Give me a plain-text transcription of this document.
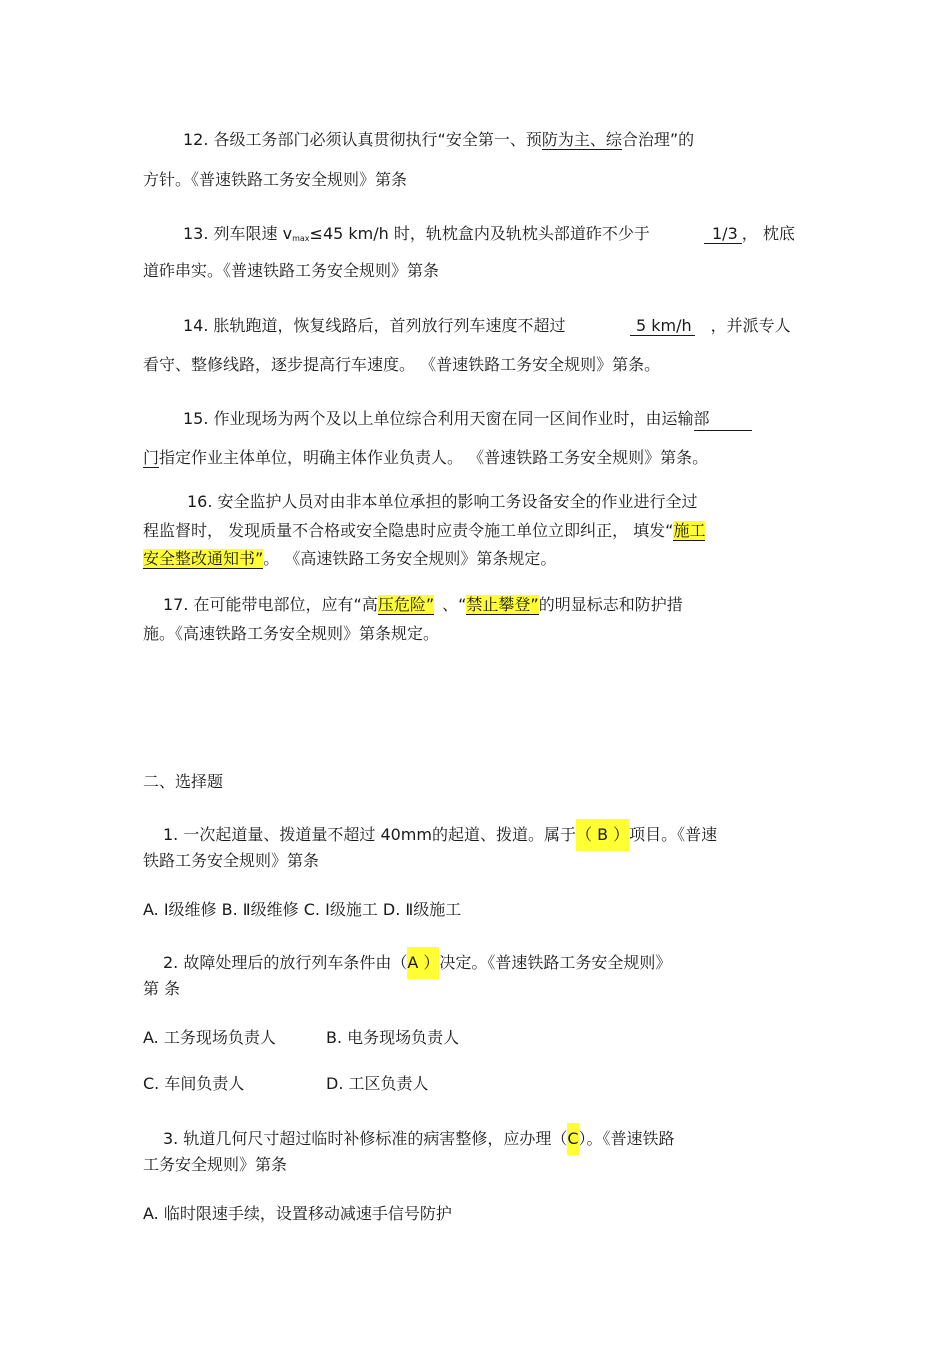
12. 各级工务部门必须认真贯彻执行“安全第一、预防为主、综合治理”的
方针。《普速铁路工务安全规则》第条
13. 列车限速 $v_{max}\le 45$ km/h 时，轨枕盒内及轨枕头部道砟不少于	1/3 ， 枕底
道砟串实。《普速铁路工务安全规则》第条
14. 胀轨跑道，恢复线路后，首列放行列车速度不超过	5 km/h ，并派专人
看守、整修线路，逐步提高行车速度。 《普速铁路工务安全规则》第条。
15. 作业现场为两个及以上单位综合利用天窗在同一区间作业时，由运输部
门指定作业主体单位，明确主体作业负责人。 《普速铁路工务安全规则》第条。
16. 安全监护人员对由非本单位承担的影响工务设备安全的作业进行全过
程监督时， 发现质量不合格或安全隐患时应责令施工单位立即纠正， 填发“施工
安全整改通知书”。 《高速铁路工务安全规则》第条规定。
17. 在可能带电部位，应有“高压危险” 、“禁止攀登”的明显标志和防护措
施。《高速铁路工务安全规则》第条规定。
二、选择题
1. 一次起道量、拨道量不超过 40mm的起道、拨道。属于（ B ）项目。《普速
铁路工务安全规则》第条
A. Ⅰ级维修 B. Ⅱ级维修 C. Ⅰ级施工 D. Ⅱ级施工
2. 故障处理后的放行列车条件由（A ）决定。《普速铁路工务安全规则》
第 条
A. 工务现场负责人	B. 电务现场负责人
C. 车间负责人	D. 工区负责人
3. 轨道几何尺寸超过临时补修标准的病害整修，应办理（C）。《普速铁路
工务安全规则》第条
A. 临时限速手续，设置移动减速手信号防护
